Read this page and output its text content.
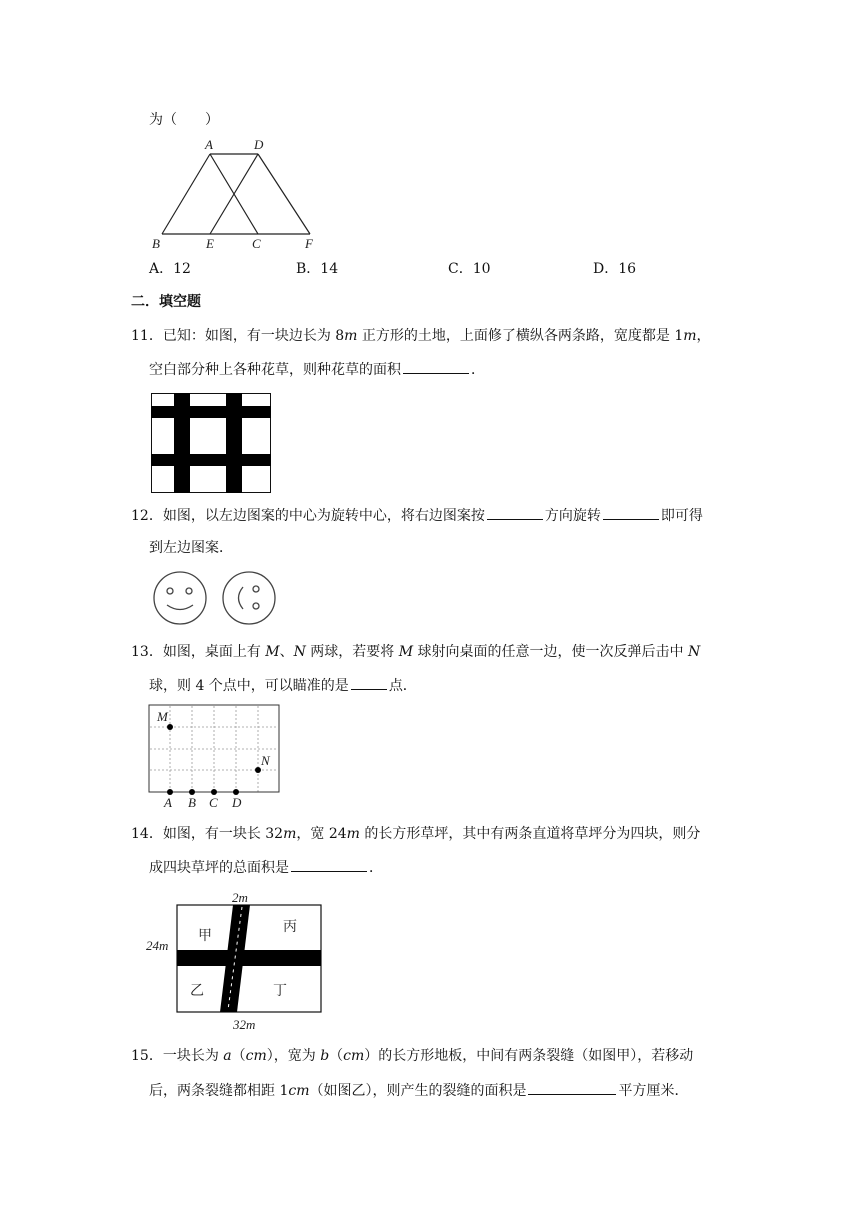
为（　　）
A	D
B	E	C	F
A．12	B．14	C．10	D．16
二．填空题
11．已知：如图，有一块边长为 8m 正方形的土地，上面修了横纵各两条路，宽度都是 1m，
空白部分种上各种花草，则种花草的面积	．
12．如图，以左边图案的中心为旋转中心，将右边图案按	方向旋转	即可得
到左边图案．
13．如图，桌面上有 M、N 两球，若要将 M 球射向桌面的任意一边，使一次反弹后击中 N
球，则 4 个点中，可以瞄准的是	点．
M
N
A B C D
14．如图，有一块长 32m，宽 24m 的长方形草坪，其中有两条直道将草坪分为四块，则分
成四块草坪的总面积是	．
2m
24m
32m
甲
丙
乙	丁
15．一块长为 a（cm），宽为 b（cm）的长方形地板，中间有两条裂缝（如图甲），若移动
后，两条裂缝都相距 1cm（如图乙），则产生的裂缝的面积是	平方厘米．
